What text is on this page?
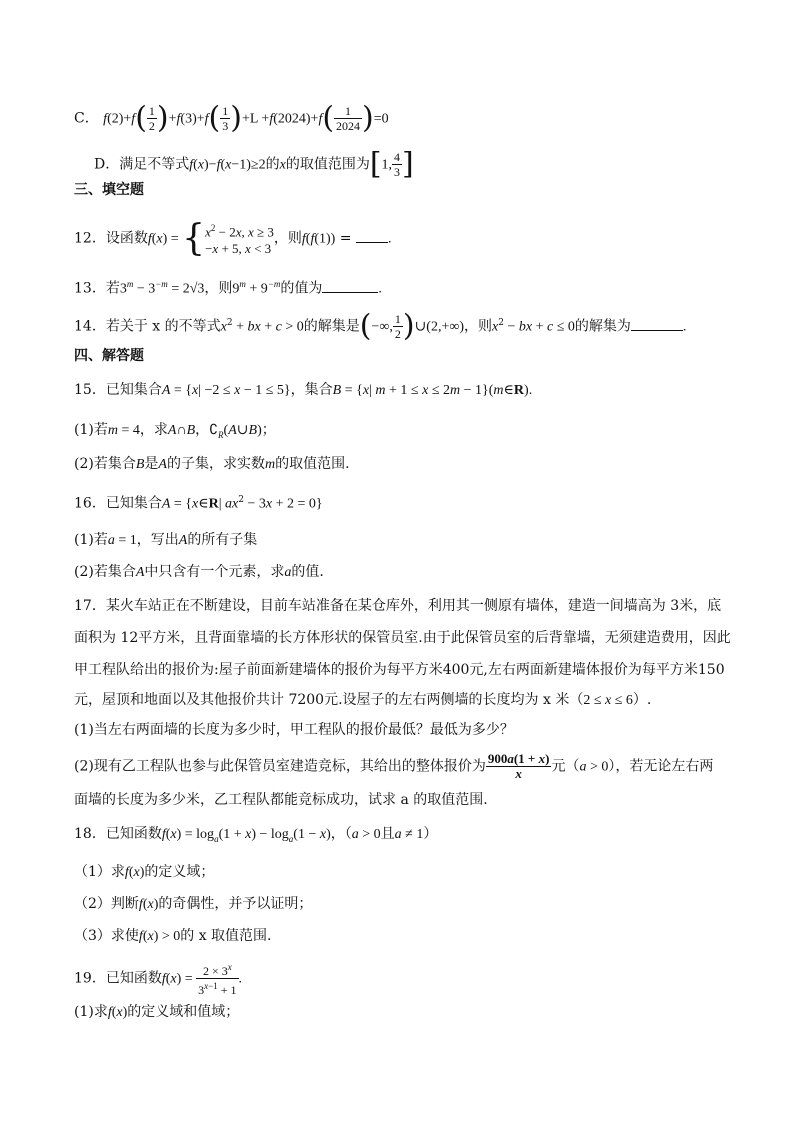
C． $f(2)+f( \frac{1}{2} )+f(3)+f( \frac{1}{3} )+L +f(2024)+f( \frac{1}{2024} )=0$
D．满足不等式f(x)−f(x−1)≥2的x的取值范围为[1, $\frac{4}{3}$ ]
三、填空题
12．设函数$f(x) = \{x^2 - 2x$, x ≥ 3
−x + 5, x < 3，则f(f(1)) = .
13．若$3^m - 3^{-m} = 2√3$，则$9^m + 9^{-m}$的值为	.
14．若关于 x 的不等式$x^2$ + bx + c > 0的解集是(−∞, $\frac{1}{2}$ )∪(2,+∞)，则$x^2$ − bx + c ≤ 0的解集为	.
四、解答题
15．已知集合A = {x| −2 ≤ x − 1 ≤ 5}，集合B = {x| m + 1 ≤ x ≤ 2m − 1}(m∈R).
(1)若m = 4，求A∩B，$∁_R(A\cup B)$；
(2)若集合B是A的子集，求实数m的取值范围.
16．已知集合A = {x∈R| $ax^2 - 3x + 2 = 0$}
(1)若a = 1，写出A的所有子集
(2)若集合A中只含有一个元素，求a的值.
17．某火车站正在不断建设，目前车站准备在某仓库外，利用其一侧原有墙体，建造一间墙高为 3米，底
面积为 12平方米，且背面靠墙的长方体形状的保管员室.由于此保管员室的后背靠墙，无须建造费用，因此
甲工程队给出的报价为:屋子前面新建墙体的报价为每平方米400元,左右两面新建墙体报价为每平方米150
元，屋顶和地面以及其他报价共计 7200元.设屋子的左右两侧墙的长度均为 x 米（2 ≤ x ≤ 6）.
(1)当左右两面墙的长度为多少时，甲工程队的报价最低？最低为多少？
(2)现有乙工程队也参与此保管员室建造竞标，其给出的整体报价为 $\frac{900a(1 + x)}{x}$ 元（a > 0），若无论左右两
面墙的长度为多少米，乙工程队都能竞标成功，试求 a 的取值范围.
18．已知函数$f(x) = \log_a(1 + x) - \log_a(1 - x)$，（a > 0且a ≠ 1）
（1）求f(x)的定义域；
（2）判断f(x)的奇偶性，并予以证明；
（3）求使f(x) > 0的 x 取值范围.
19．已知函数$f(x) = \frac{2 \times 3^x}{3^{x-1} + 1}$ .
(1)求f(x)的定义域和值域；
